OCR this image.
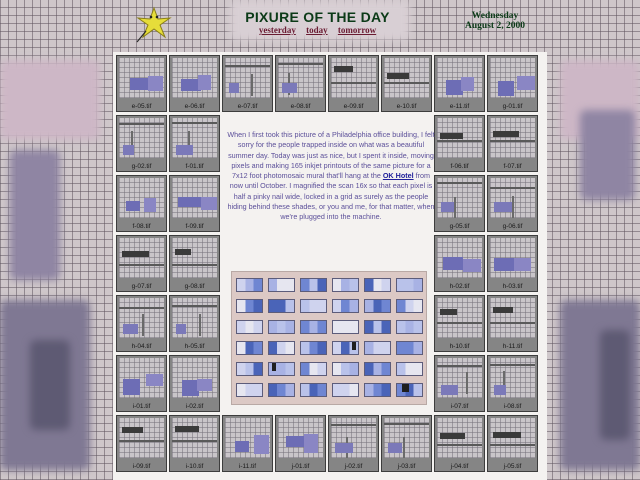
PIXURE OF THE DAY
yesterday today tomorrow
Wednesday
August 2, 2000
e-05.tif	e-06.tif	e-07.tif	e-08.tif	e-09.tif	e-10.tif	e-11.tif	g-01.tif
g-02.tif	f-01.tif	f-06.tif	f-07.tif
f-08.tif	f-09.tif	g-05.tif	g-06.tif
g-07.tif	g-08.tif	h-02.tif	h-03.tif
h-04.tif	h-05.tif	h-10.tif	h-11.tif
i-01.tif	i-02.tif	i-07.tif	i-08.tif
i-09.tif	i-10.tif	i-11.tif	j-01.tif	j-02.tif	j-03.tif	j-04.tif	j-05.tif
When I first took this picture of a Philadelphia office building, I felt sorry for the people trapped inside on what was a beautiful summer day. Today was just as nice, but I spent it inside, moving pixels and making 165 inkjet printouts of the same picture for a 7x12 foot photomosaic mural that'll hang at the OK Hotel from now until October. I magnified the scan 16x so that each pixel is half a pinky nail wide, locked in a grid as surely as the people hiding behind these shades, or you and me, for that matter, when we're plugged into the machine.
